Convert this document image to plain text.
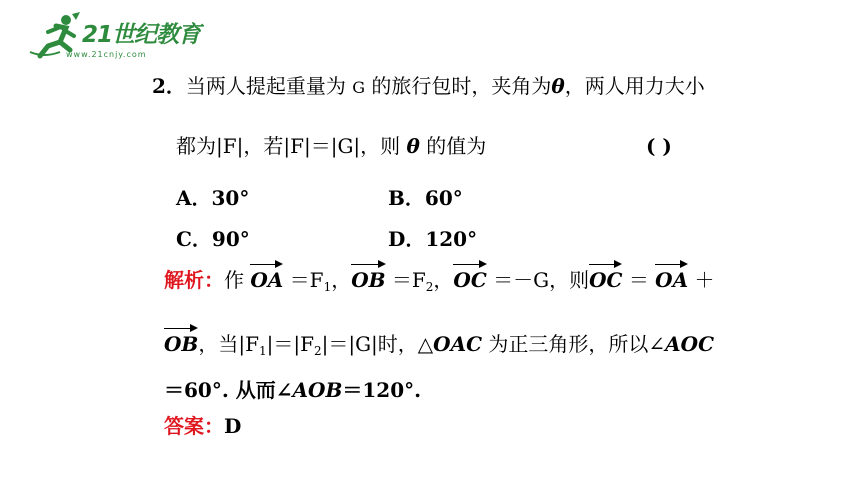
21世纪教育
www.21cnjy.com
2．当两人提起重量为 G 的旅行包时，夹角为θ，两人用力大小
都为|F|，若|F|＝|G|，则 θ 的值为	( )
A．30°	B．60°
C．90°	D．120°
解析：作 OA $=F_1$，OB $=F_2$，OC ＝－G，则OC ＝ OA ＋
OB，当$|F_1|=|F_2|=|G|$时，△OAC 为正三角形，所以∠AOC
＝60°. 从而∠AOB＝120°.
答案：D
